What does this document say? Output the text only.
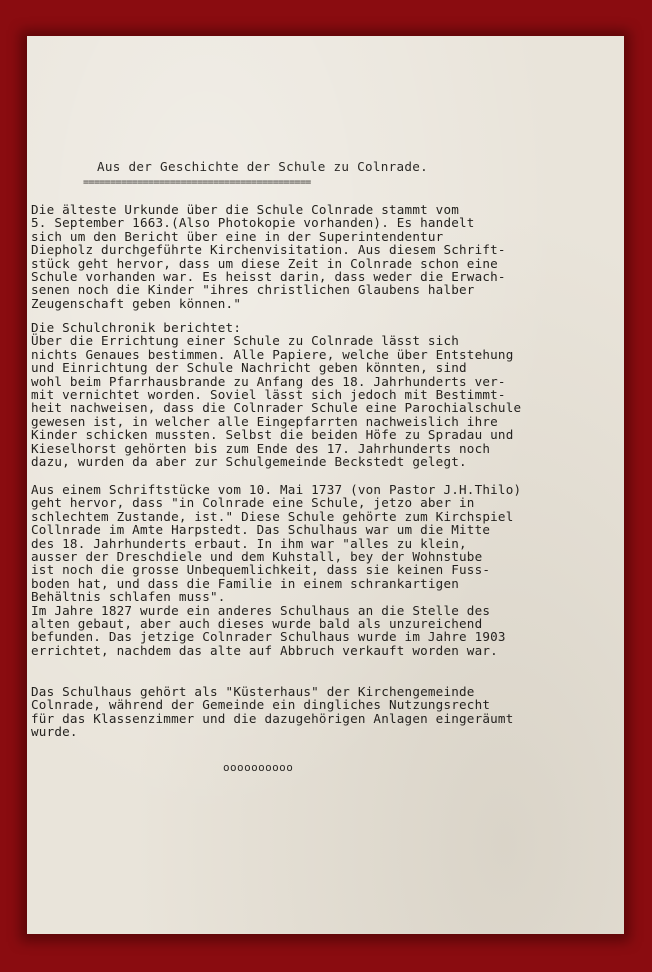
Aus der Geschichte der Schule zu Colnrade.
==========================================
Die älteste Urkunde über die Schule Colnrade stammt vom
5. September 1663.(Also Photokopie vorhanden). Es handelt
sich um den Bericht über eine in der Superintendentur
Diepholz durchgeführte Kirchenvisitation. Aus diesem Schrift-
stück geht hervor, dass um diese Zeit in Colnrade schon eine
Schule vorhanden war. Es heisst darin, dass weder die Erwach-
senen noch die Kinder "ihres christlichen Glaubens halber
Zeugenschaft geben können."
Die Schulchronik berichtet:
Über die Errichtung einer Schule zu Colnrade lässt sich
nichts Genaues bestimmen. Alle Papiere, welche über Entstehung
und Einrichtung der Schule Nachricht geben könnten, sind
wohl beim Pfarrhausbrande zu Anfang des 18. Jahrhunderts ver-
mit vernichtet worden. Soviel lässt sich jedoch mit Bestimmt-
heit nachweisen, dass die Colnrader Schule eine Parochialschule
gewesen ist, in welcher alle Eingepfarrten nachweislich ihre
Kinder schicken mussten. Selbst die beiden Höfe zu Spradau und
Kieselhorst gehörten bis zum Ende des 17. Jahrhunderts noch
dazu, wurden da aber zur Schulgemeinde Beckstedt gelegt.
Aus einem Schriftstücke vom 10. Mai 1737 (von Pastor J.H.Thilo)
geht hervor, dass "in Colnrade eine Schule, jetzo aber in
schlechtem Zustande, ist." Diese Schule gehörte zum Kirchspiel
Collnrade im Amte Harpstedt. Das Schulhaus war um die Mitte
des 18. Jahrhunderts erbaut. In ihm war "alles zu klein,
ausser der Dreschdiele und dem Kuhstall, bey der Wohnstube
ist noch die grosse Unbequemlichkeit, dass sie keinen Fuss-
boden hat, und dass die Familie in einem schrankartigen
Behältnis schlafen muss".
Im Jahre 1827 wurde ein anderes Schulhaus an die Stelle des
alten gebaut, aber auch dieses wurde bald als unzureichend
befunden. Das jetzige Colnrader Schulhaus wurde im Jahre 1903
errichtet, nachdem das alte auf Abbruch verkauft worden war.
Das Schulhaus gehört als "Küsterhaus" der Kirchengemeinde
Colnrade, während der Gemeinde ein dingliches Nutzungsrecht
für das Klassenzimmer und die dazugehörigen Anlagen eingeräumt
wurde.
oooooooooo
